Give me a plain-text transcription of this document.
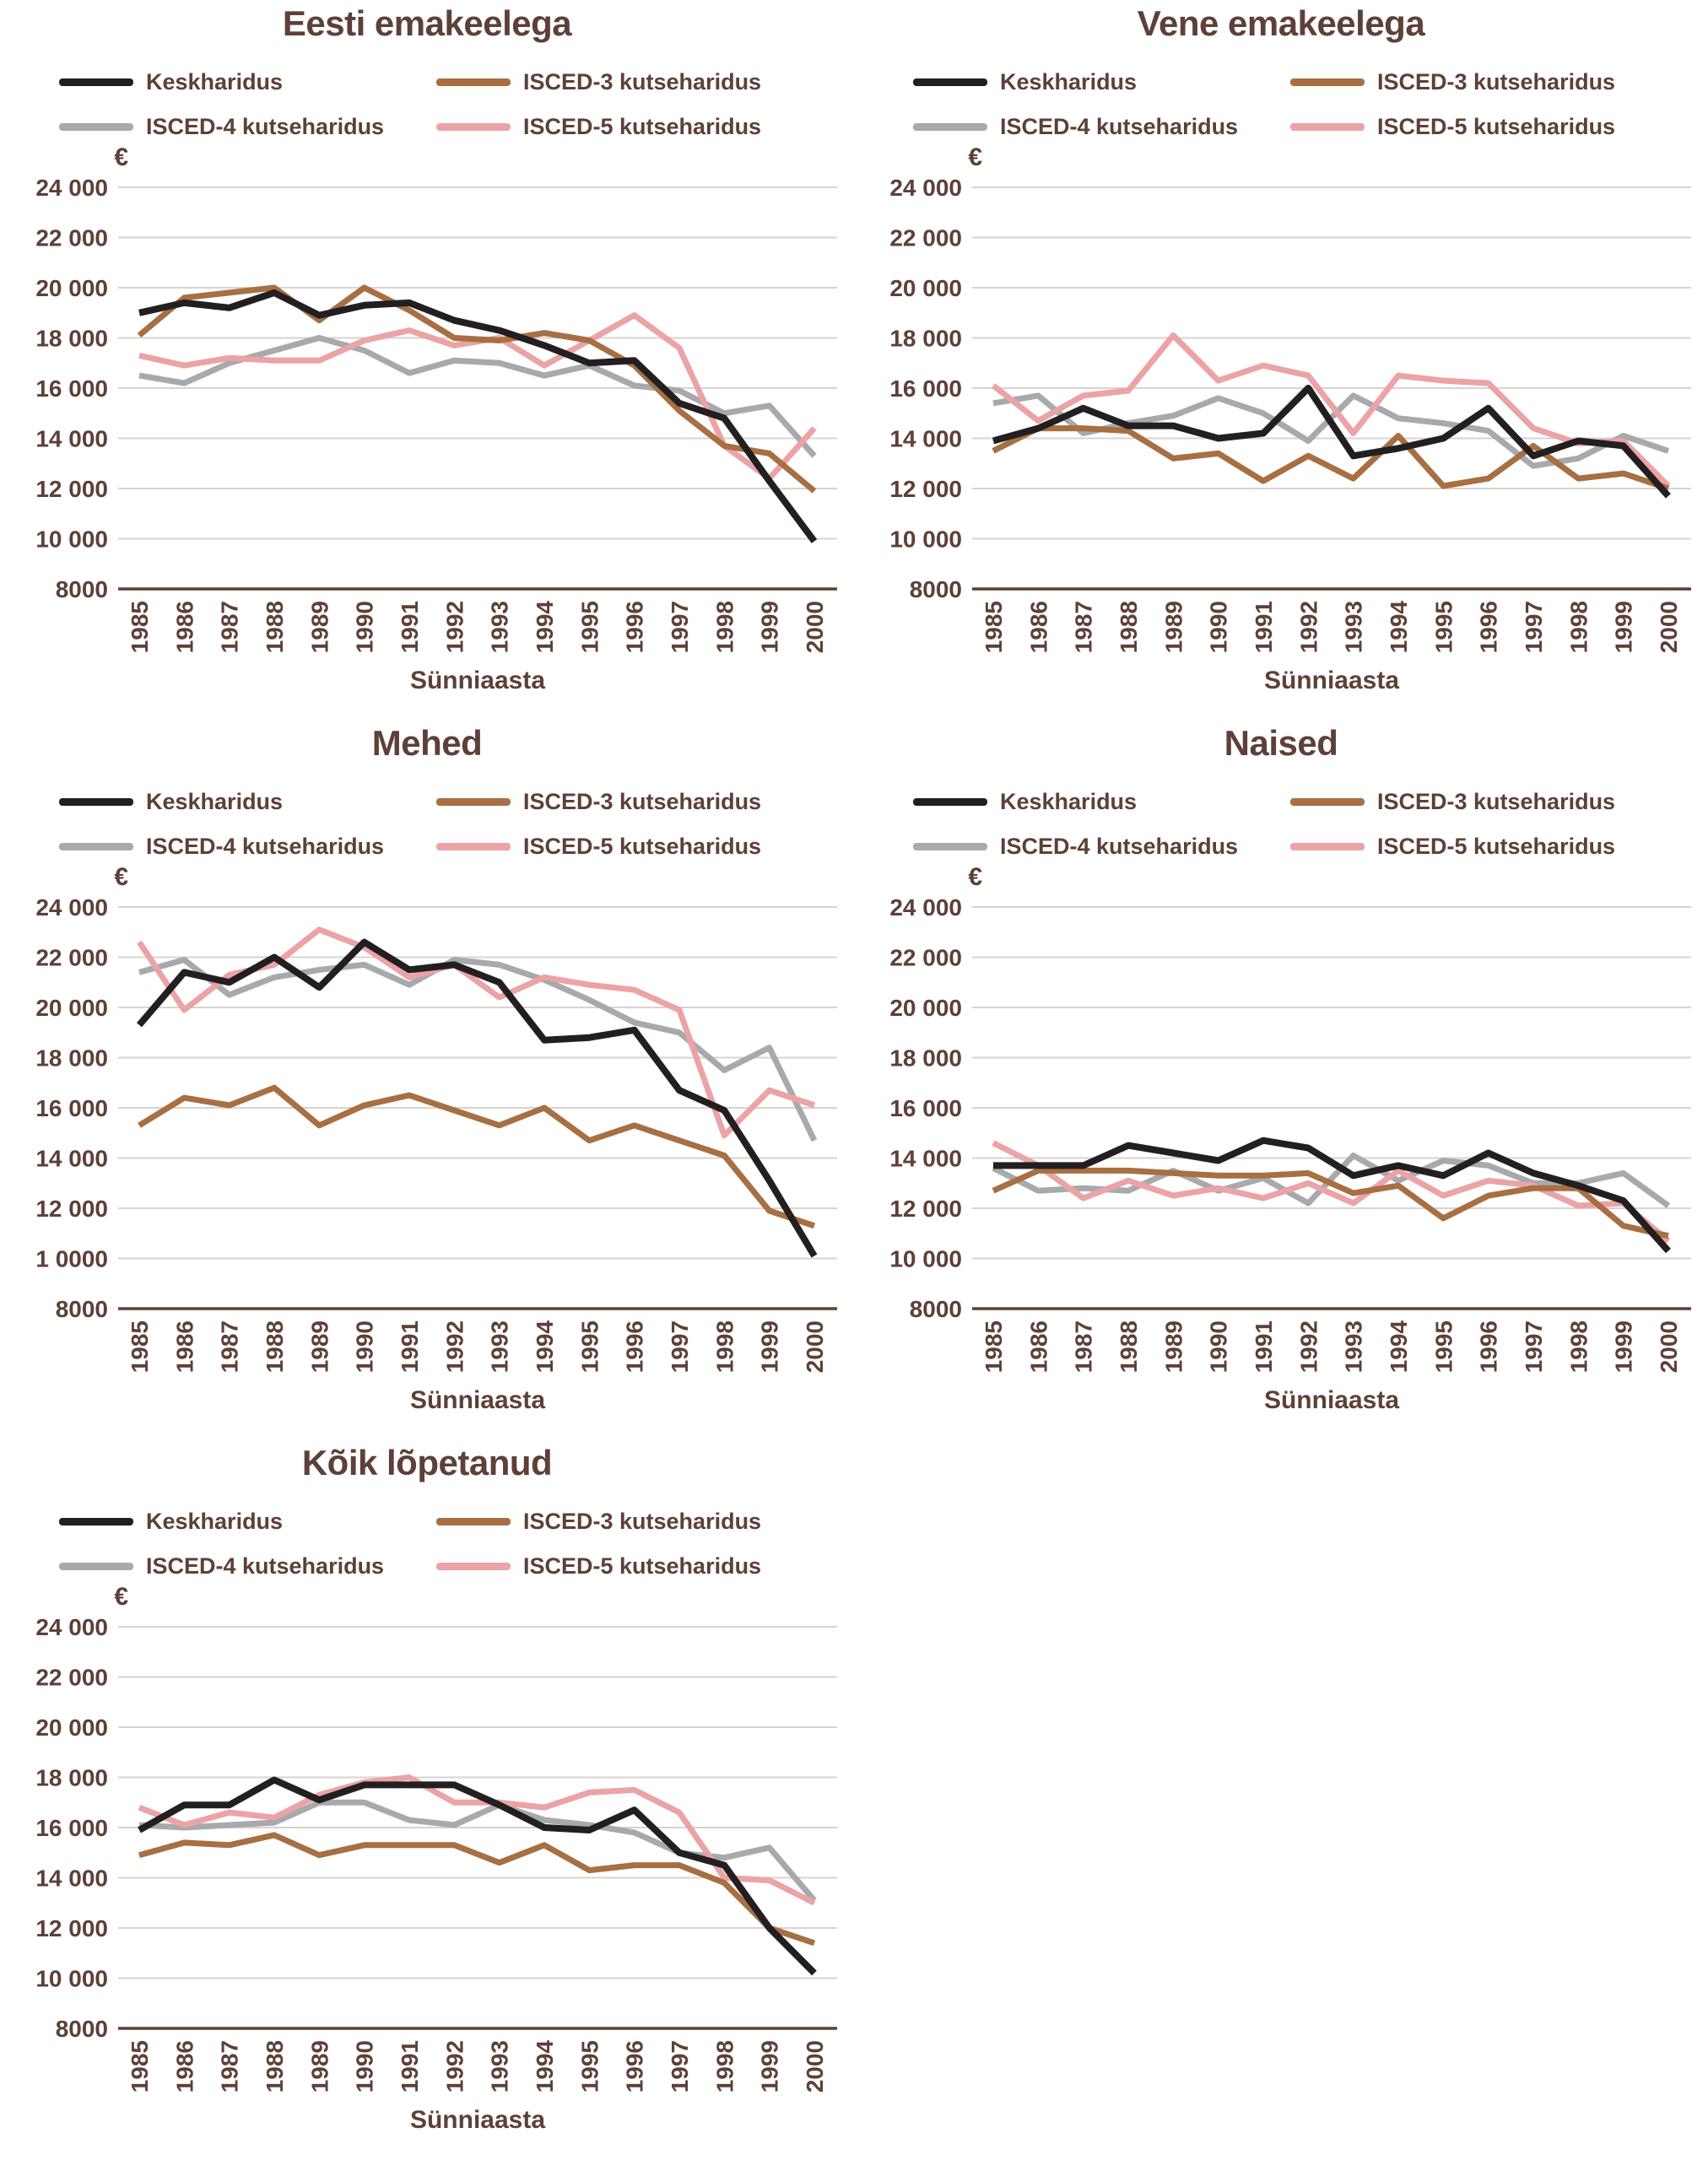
Eesti emakeelega
Keskharidus	ISCED-3 kutseharidus
ISCED-4 kutseharidus	ISCED-5 kutseharidus
24 000
22 000
20 000
18 000
16 000
14 000
12 000
10 000
8000
€
1985 1986 1987 1988 1989 1990 1991 1992 1993 1994 1995 1996 1997 1998 1999 2000
Sünniaasta
Vene emakeelega
Keskharidus	ISCED-3 kutseharidus
ISCED-4 kutseharidus	ISCED-5 kutseharidus
24 000
22 000
20 000
18 000
16 000
14 000
12 000
10 000
8000
€
1985 1986 1987 1988 1989 1990 1991 1992 1993 1994 1995 1996 1997 1998 1999 2000
Sünniaasta
Mehed
Keskharidus	ISCED-3 kutseharidus
ISCED-4 kutseharidus	ISCED-5 kutseharidus
24 000
22 000
20 000
18 000
16 000
14 000
12 000
1 0000
8000
€
1985 1986 1987 1988 1989 1990 1991 1992 1993 1994 1995 1996 1997 1998 1999 2000
Sünniaasta
Naised
Keskharidus	ISCED-3 kutseharidus
ISCED-4 kutseharidus	ISCED-5 kutseharidus
24 000
22 000
20 000
18 000
16 000
14 000
12 000
10 000
8000
€
1985 1986 1987 1988 1989 1990 1991 1992 1993 1994 1995 1996 1997 1998 1999 2000
Sünniaasta
Kõik lõpetanud
Keskharidus	ISCED-3 kutseharidus
ISCED-4 kutseharidus	ISCED-5 kutseharidus
24 000
22 000
20 000
18 000
16 000
14 000
12 000
10 000
8000
€
1985 1986 1987 1988 1989 1990 1991 1992 1993 1994 1995 1996 1997 1998 1999 2000
Sünniaasta
